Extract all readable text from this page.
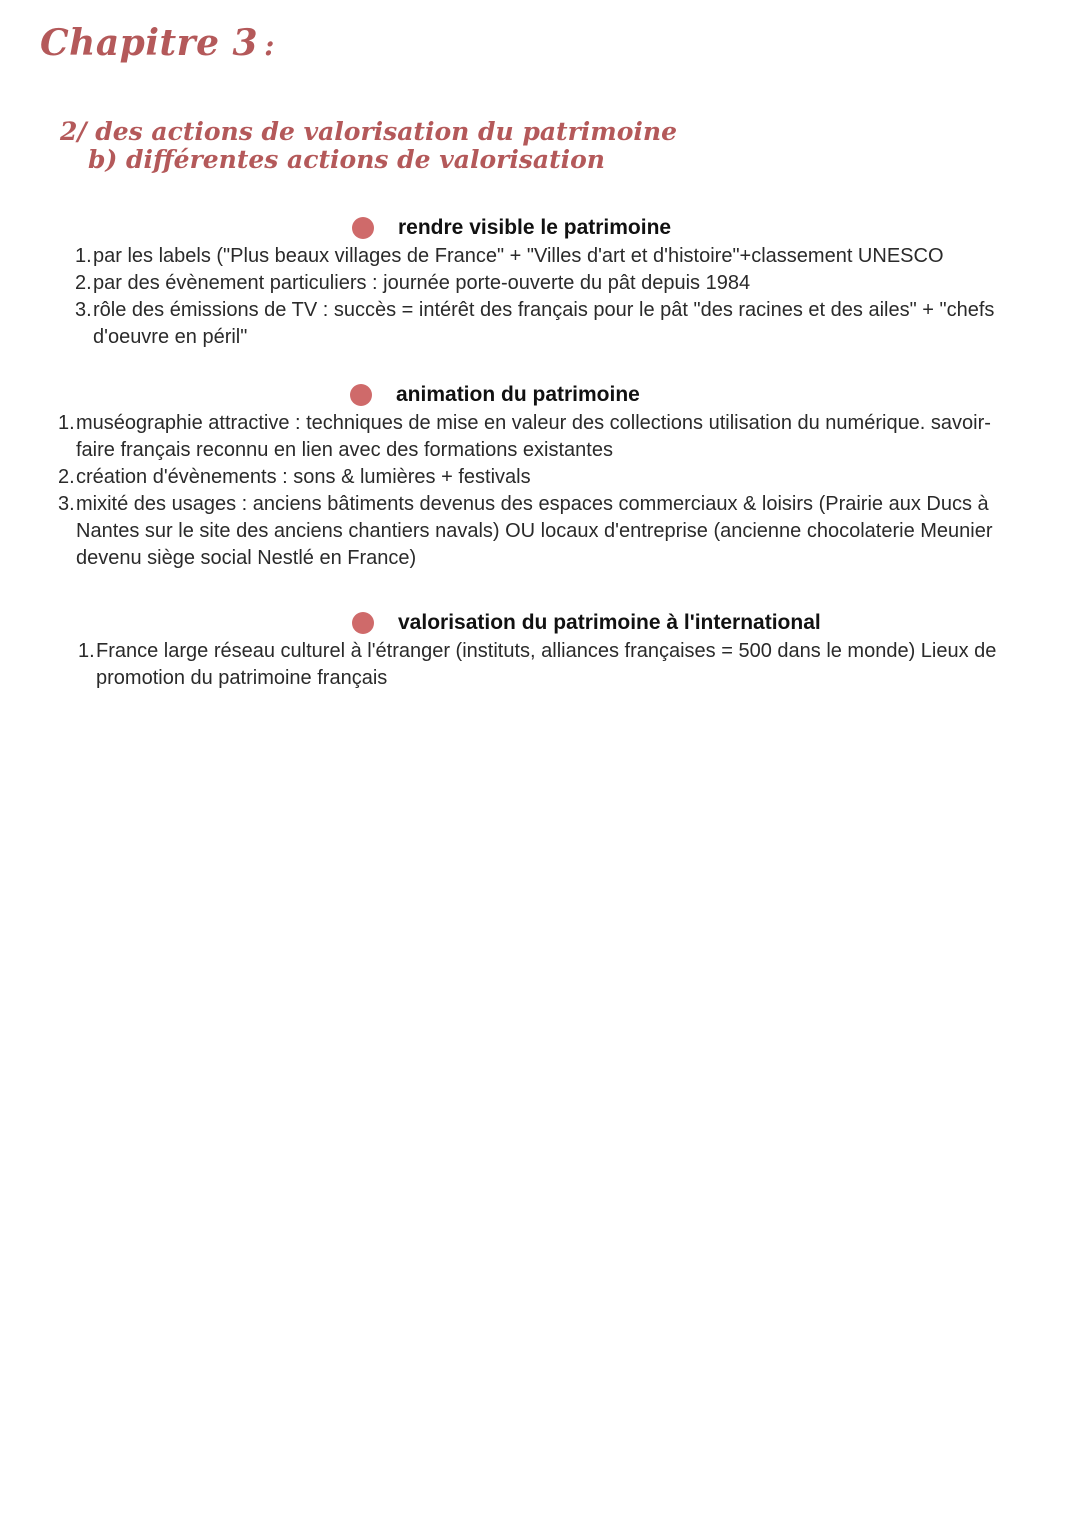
Chapitre 3 :
2/ des actions de valorisation du patrimoine
b) différentes actions de valorisation
rendre visible le patrimoine
1. par les labels ("Plus beaux villages de France" + "Villes d'art et d'histoire"+classement UNESCO
2. par des évènement particuliers : journée porte-ouverte du pât depuis 1984
3. rôle des émissions de TV : succès = intérêt des français pour le pât "des racines et des ailes" + "chefs d'oeuvre en péril"
animation du patrimoine
1. muséographie attractive : techniques de mise en valeur des collections utilisation du numérique. savoir-faire français reconnu en lien avec des formations existantes
2. création d'évènements : sons & lumières + festivals
3. mixité des usages : anciens bâtiments devenus des espaces commerciaux & loisirs (Prairie aux Ducs à Nantes sur le site des anciens chantiers navals) OU locaux d'entreprise (ancienne chocolaterie Meunier devenu siège social Nestlé en France)
valorisation du patrimoine à l'international
1. France large réseau culturel à l'étranger (instituts, alliances françaises = 500 dans le monde) Lieux de promotion du patrimoine français
